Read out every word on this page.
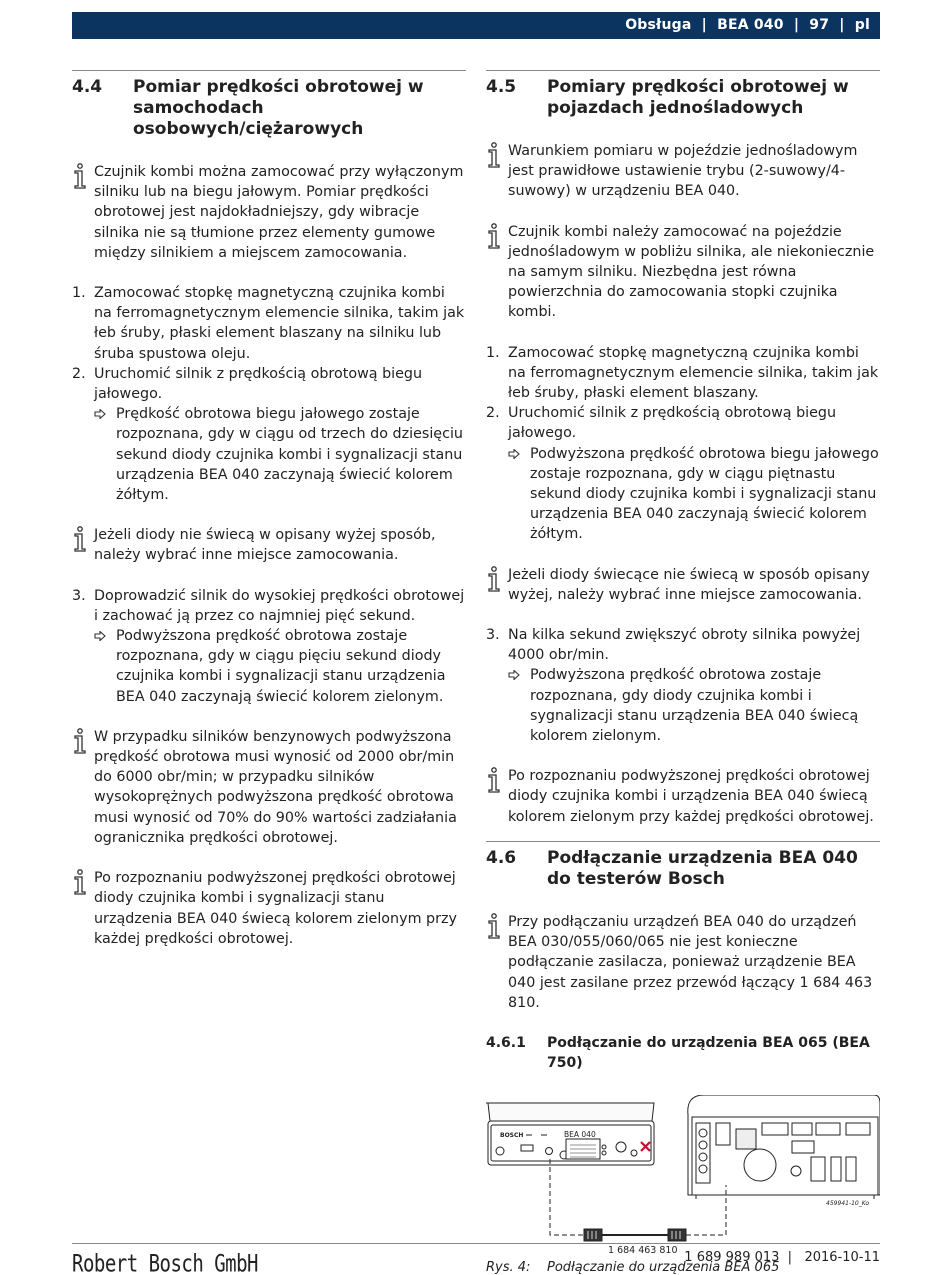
Obsługa  |  BEA 040  |  97  |  pl
4.4	Pomiar prędkości obrotowej w samochodach osobowych/ciężarowych
Czujnik kombi można zamocować przy wyłączonym silniku lub na biegu jałowym. Pomiar prędkości obrotowej jest najdokładniejszy, gdy wibracje silnika nie są tłumione przez elementy gumowe między silnikiem a miejscem zamocowania.
1. Zamocować stopkę magnetyczną czujnika kombi na ferromagnetycznym elemencie silnika, takim jak łeb śruby, płaski element blaszany na silniku lub śruba spustowa oleju.
2. Uruchomić silnik z prędkością obrotową biegu jałowego.
Prędkość obrotowa biegu jałowego zostaje rozpoznana, gdy w ciągu od trzech do dziesięciu sekund diody czujnika kombi i sygnalizacji stanu urządzenia BEA 040 zaczynają świecić kolorem żółtym.
Jeżeli diody nie świecą w opisany wyżej sposób, należy wybrać inne miejsce zamocowania.
3. Doprowadzić silnik do wysokiej prędkości obrotowej i zachować ją przez co najmniej pięć sekund.
Podwyższona prędkość obrotowa zostaje rozpoznana, gdy w ciągu pięciu sekund diody czujnika kombi i sygnalizacji stanu urządzenia BEA 040 zaczynają świecić kolorem zielonym.
W przypadku silników benzynowych podwyższona prędkość obrotowa musi wynosić od 2000 obr/min do 6000 obr/min; w przypadku silników wysokoprężnych podwyższona prędkość obrotowa musi wynosić od 70% do 90% wartości zadziałania ogranicznika prędkości obrotowej.
Po rozpoznaniu podwyższonej prędkości obrotowej diody czujnika kombi i sygnalizacji stanu urządzenia BEA 040 świecą kolorem zielonym przy każdej prędkości obrotowej.
4.5	Pomiary prędkości obrotowej w pojazdach jednośladowych
Warunkiem pomiaru w pojeździe jednośladowym jest prawidłowe ustawienie trybu (2-suwowy/4-suwowy) w urządzeniu BEA 040.
Czujnik kombi należy zamocować na pojeździe jednośladowym w pobliżu silnika, ale niekoniecznie na samym silniku. Niezbędna jest równa powierzchnia do zamocowania stopki czujnika kombi.
1. Zamocować stopkę magnetyczną czujnika kombi na ferromagnetycznym elemencie silnika, takim jak łeb śruby, płaski element blaszany.
2. Uruchomić silnik z prędkością obrotową biegu jałowego.
Podwyższona prędkość obrotowa biegu jałowego zostaje rozpoznana, gdy w ciągu piętnastu sekund diody czujnika kombi i sygnalizacji stanu urządzenia BEA 040 zaczynają świecić kolorem żółtym.
Jeżeli diody świecące nie świecą w sposób opisany wyżej, należy wybrać inne miejsce zamocowania.
3. Na kilka sekund zwiększyć obroty silnika powyżej 4000 obr/min.
Podwyższona prędkość obrotowa zostaje rozpoznana, gdy diody czujnika kombi i sygnalizacji stanu urządzenia BEA 040 świecą kolorem zielonym.
Po rozpoznaniu podwyższonej prędkości obrotowej diody czujnika kombi i urządzenia BEA 040 świecą kolorem zielonym przy każdej prędkości obrotowej.
4.6	Podłączanie urządzenia BEA 040 do testerów Bosch
Przy podłączaniu urządzeń BEA 040 do urządzeń BEA 030/055/060/065 nie jest konieczne podłączanie zasilacza, ponieważ urządzenie BEA 040 jest zasilane przez przewód łączący 1 684 463 810.
4.6.1	Podłączanie do urządzenia BEA 065 (BEA 750)
BOSCH	BEA 040
459941-10_Ko
1 684 463 810
Rys. 4:	Podłączanie do urządzenia BEA 065
Robert Bosch GmbH	1 689 989 013  |   2016-10-11
